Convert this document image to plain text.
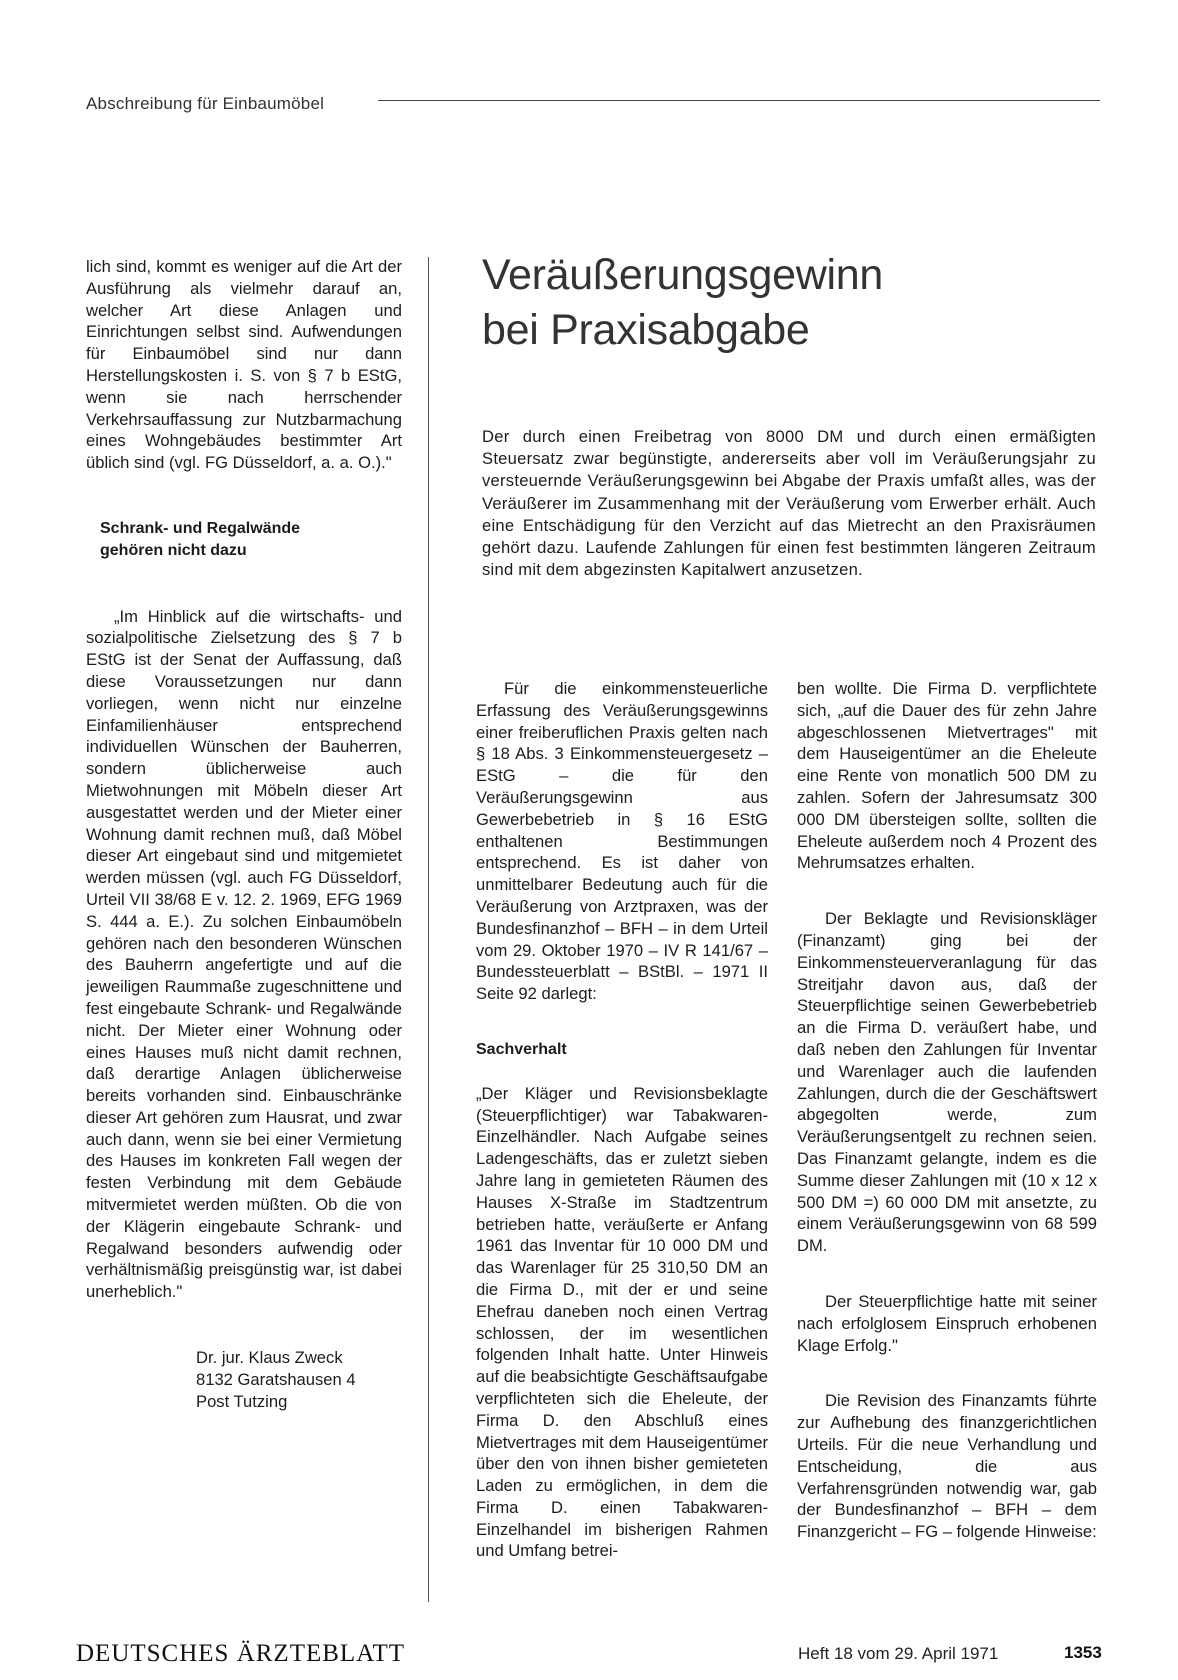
Abschreibung für Einbaumöbel

lich sind, kommt es weniger auf die Art der Ausführung als vielmehr darauf an, welcher Art diese Anlagen und Einrichtungen selbst sind. Aufwendungen für Einbaumöbel sind nur dann Herstellungskosten i. S. von § 7 b EStG, wenn sie nach herrschender Verkehrsauffassung zur Nutzbarmachung eines Wohngebäudes bestimmter Art üblich sind (vgl. FG Düsseldorf, a. a. O.)."

Schrank- und Regalwände

gehören nicht dazu

„Im Hinblick auf die wirtschafts- und sozialpolitische Zielsetzung des § 7 b EStG ist der Senat der Auffassung, daß diese Voraussetzungen nur dann vorliegen, wenn nicht nur einzelne Einfamilienhäuser entsprechend individuellen Wünschen der Bauherren, sondern üblicherweise auch Mietwohnungen mit Möbeln dieser Art ausgestattet werden und der Mieter einer Wohnung damit rechnen muß, daß Möbel dieser Art eingebaut sind und mitgemietet werden müssen (vgl. auch FG Düsseldorf, Urteil VII 38/68 E v. 12. 2. 1969, EFG 1969 S. 444 a. E.). Zu solchen Einbaumöbeln gehören nach den besonderen Wünschen des Bauherrn angefertigte und auf die jeweiligen Raummaße zugeschnittene und fest eingebaute Schrank- und Regalwände nicht. Der Mieter einer Wohnung oder eines Hauses muß nicht damit rechnen, daß derartige Anlagen üblicherweise bereits vorhanden sind. Einbauschränke dieser Art gehören zum Hausrat, und zwar auch dann, wenn sie bei einer Vermietung des Hauses im konkreten Fall wegen der festen Verbindung mit dem Gebäude mitvermietet werden müßten. Ob die von der Klägerin eingebaute Schrank- und Regalwand besonders aufwendig oder verhältnismäßig preisgünstig war, ist dabei unerheblich."

Dr. jur. Klaus Zweck

8132 Garatshausen 4

Post Tutzing

Veräußerungsgewinn
bei Praxisabgabe

Der durch einen Freibetrag von 8000 DM und durch einen ermäßigten Steuersatz zwar begünstigte, andererseits aber voll im Veräußerungsjahr zu versteuernde Veräußerungsgewinn bei Abgabe der Praxis umfaßt alles, was der Veräußerer im Zusammenhang mit der Veräußerung vom Erwerber erhält. Auch eine Entschädigung für den Verzicht auf das Mietrecht an den Praxisräumen gehört dazu. Laufende Zahlungen für einen fest bestimmten längeren Zeitraum sind mit dem abgezinsten Kapitalwert anzusetzen.

Für die einkommensteuerliche Erfassung des Veräußerungsgewinns einer freiberuflichen Praxis gelten nach § 18 Abs. 3 Einkommensteuergesetz – EStG – die für den Veräußerungsgewinn aus Gewerbebetrieb in § 16 EStG enthaltenen Bestimmungen entsprechend. Es ist daher von unmittelbarer Bedeutung auch für die Veräußerung von Arztpraxen, was der Bundesfinanzhof – BFH – in dem Urteil vom 29. Oktober 1970 – IV R 141/67 – Bundessteuerblatt – BStBl. – 1971 II Seite 92 darlegt:

Sachverhalt

„Der Kläger und Revisionsbeklagte (Steuerpflichtiger) war Tabakwaren-Einzelhändler. Nach Aufgabe seines Ladengeschäfts, das er zuletzt sieben Jahre lang in gemieteten Räumen des Hauses X-Straße im Stadtzentrum betrieben hatte, veräußerte er Anfang 1961 das Inventar für 10 000 DM und das Warenlager für 25 310,50 DM an die Firma D., mit der er und seine Ehefrau daneben noch einen Vertrag schlossen, der im wesentlichen folgenden Inhalt hatte. Unter Hinweis auf die beabsichtigte Geschäftsaufgabe verpflichteten sich die Eheleute, der Firma D. den Abschluß eines Mietvertrages mit dem Hauseigentümer über den von ihnen bisher gemieteten Laden zu ermöglichen, in dem die Firma D. einen Tabakwaren-Einzelhandel im bisherigen Rahmen und Umfang betrei-

ben wollte. Die Firma D. verpflichtete sich, „auf die Dauer des für zehn Jahre abgeschlossenen Mietvertrages" mit dem Hauseigentümer an die Eheleute eine Rente von monatlich 500 DM zu zahlen. Sofern der Jahresumsatz 300 000 DM übersteigen sollte, sollten die Eheleute außerdem noch 4 Prozent des Mehrumsatzes erhalten.

Der Beklagte und Revisionskläger (Finanzamt) ging bei der Einkommensteuerveranlagung für das Streitjahr davon aus, daß der Steuerpflichtige seinen Gewerbebetrieb an die Firma D. veräußert habe, und daß neben den Zahlungen für Inventar und Warenlager auch die laufenden Zahlungen, durch die der Geschäftswert abgegolten werde, zum Veräußerungsentgelt zu rechnen seien. Das Finanzamt gelangte, indem es die Summe dieser Zahlungen mit (10 x 12 x 500 DM =) 60 000 DM mit ansetzte, zu einem Veräußerungsgewinn von 68 599 DM.

Der Steuerpflichtige hatte mit seiner nach erfolglosem Einspruch erhobenen Klage Erfolg."

Die Revision des Finanzamts führte zur Aufhebung des finanzgerichtlichen Urteils. Für die neue Verhandlung und Entscheidung, die aus Verfahrensgründen notwendig war, gab der Bundesfinanzhof – BFH – dem Finanzgericht – FG – folgende Hinweise:

DEUTSCHES ÄRZTEBLATT	Heft 18 vom 29. April 1971	1353
